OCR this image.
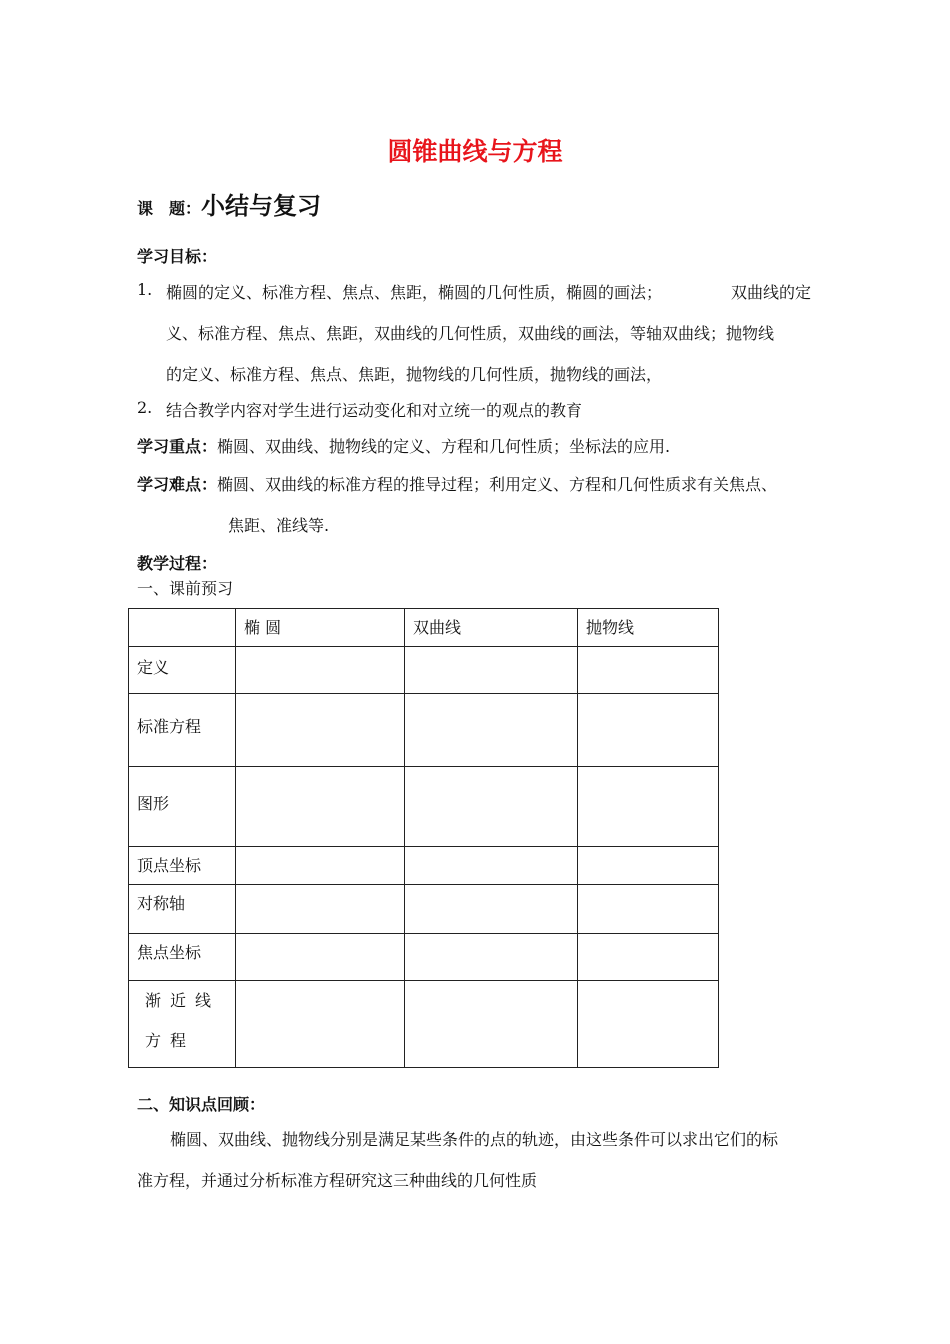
圆锥曲线与方程
课　题：小结与复习
学习目标：
1. 椭圆的定义、标准方程、焦点、焦距，椭圆的几何性质，椭圆的画法；	双曲线的定
义、标准方程、焦点、焦距，双曲线的几何性质，双曲线的画法，等轴双曲线；抛物线
的定义、标准方程、焦点、焦距，抛物线的几何性质，抛物线的画法，
2. 结合教学内容对学生进行运动变化和对立统一的观点的教育
学习重点：椭圆、双曲线、抛物线的定义、方程和几何性质；坐标法的应用.
学习难点：椭圆、双曲线的标准方程的推导过程；利用定义、方程和几何性质求有关焦点、
焦距、准线等.
教学过程：
一、课前预习
	椭 圆	双曲线	抛物线
定义			
标准方程			
图形			
顶点坐标			
对称轴			
焦点坐标			
渐近线方程			
二、知识点回顾：
椭圆、双曲线、抛物线分别是满足某些条件的点的轨迹，由这些条件可以求出它们的标
准方程，并通过分析标准方程研究这三种曲线的几何性质
